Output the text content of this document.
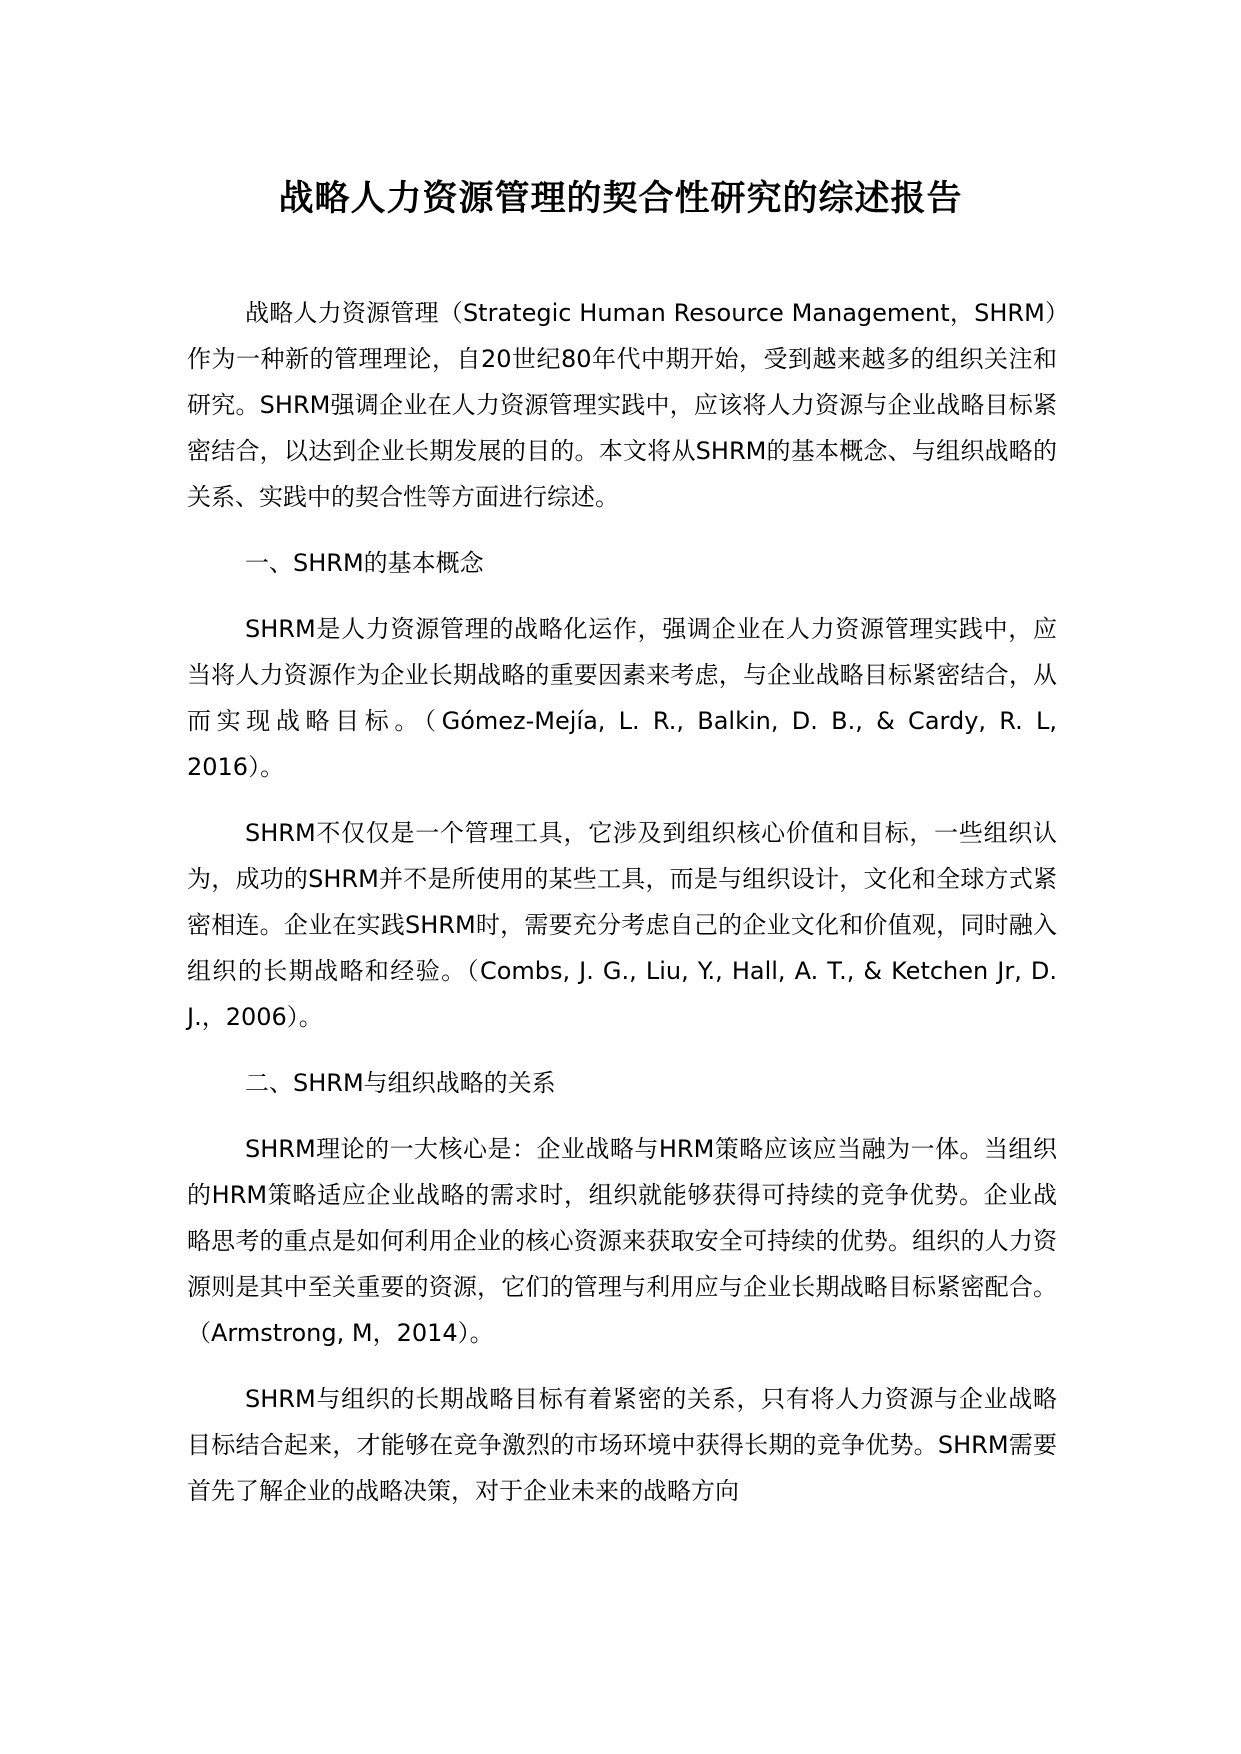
战略人力资源管理的契合性研究的综述报告

战略人力资源管理（Strategic Human Resource Management，SHRM）作为一种新的管理理论，自20世纪80年代中期开始，受到越来越多的组织关注和研究。SHRM强调企业在人力资源管理实践中，应该将人力资源与企业战略目标紧密结合，以达到企业长期发展的目的。本文将从SHRM的基本概念、与组织战略的关系、实践中的契合性等方面进行综述。

一、SHRM的基本概念

SHRM是人力资源管理的战略化运作，强调企业在人力资源管理实践中，应当将人力资源作为企业长期战略的重要因素来考虑，与企业战略目标紧密结合，从而实现战略目标。（Gómez-Mejía, L. R., Balkin, D. B., & Cardy, R. L, 2016）。

SHRM不仅仅是一个管理工具，它涉及到组织核心价值和目标，一些组织认为，成功的SHRM并不是所使用的某些工具，而是与组织设计，文化和全球方式紧密相连。企业在实践SHRM时，需要充分考虑自己的企业文化和价值观，同时融入组织的长期战略和经验。（Combs, J. G., Liu, Y., Hall, A. T., & Ketchen Jr, D. J.，2006）。

二、SHRM与组织战略的关系

SHRM理论的一大核心是：企业战略与HRM策略应该应当融为一体。当组织的HRM策略适应企业战略的需求时，组织就能够获得可持续的竞争优势。企业战略思考的重点是如何利用企业的核心资源来获取安全可持续的优势。组织的人力资源则是其中至关重要的资源，它们的管理与利用应与企业长期战略目标紧密配合。（Armstrong, M，2014）。

SHRM与组织的长期战略目标有着紧密的关系，只有将人力资源与企业战略目标结合起来，才能够在竞争激烈的市场环境中获得长期的竞争优势。SHRM需要首先了解企业的战略决策，对于企业未来的战略方向
